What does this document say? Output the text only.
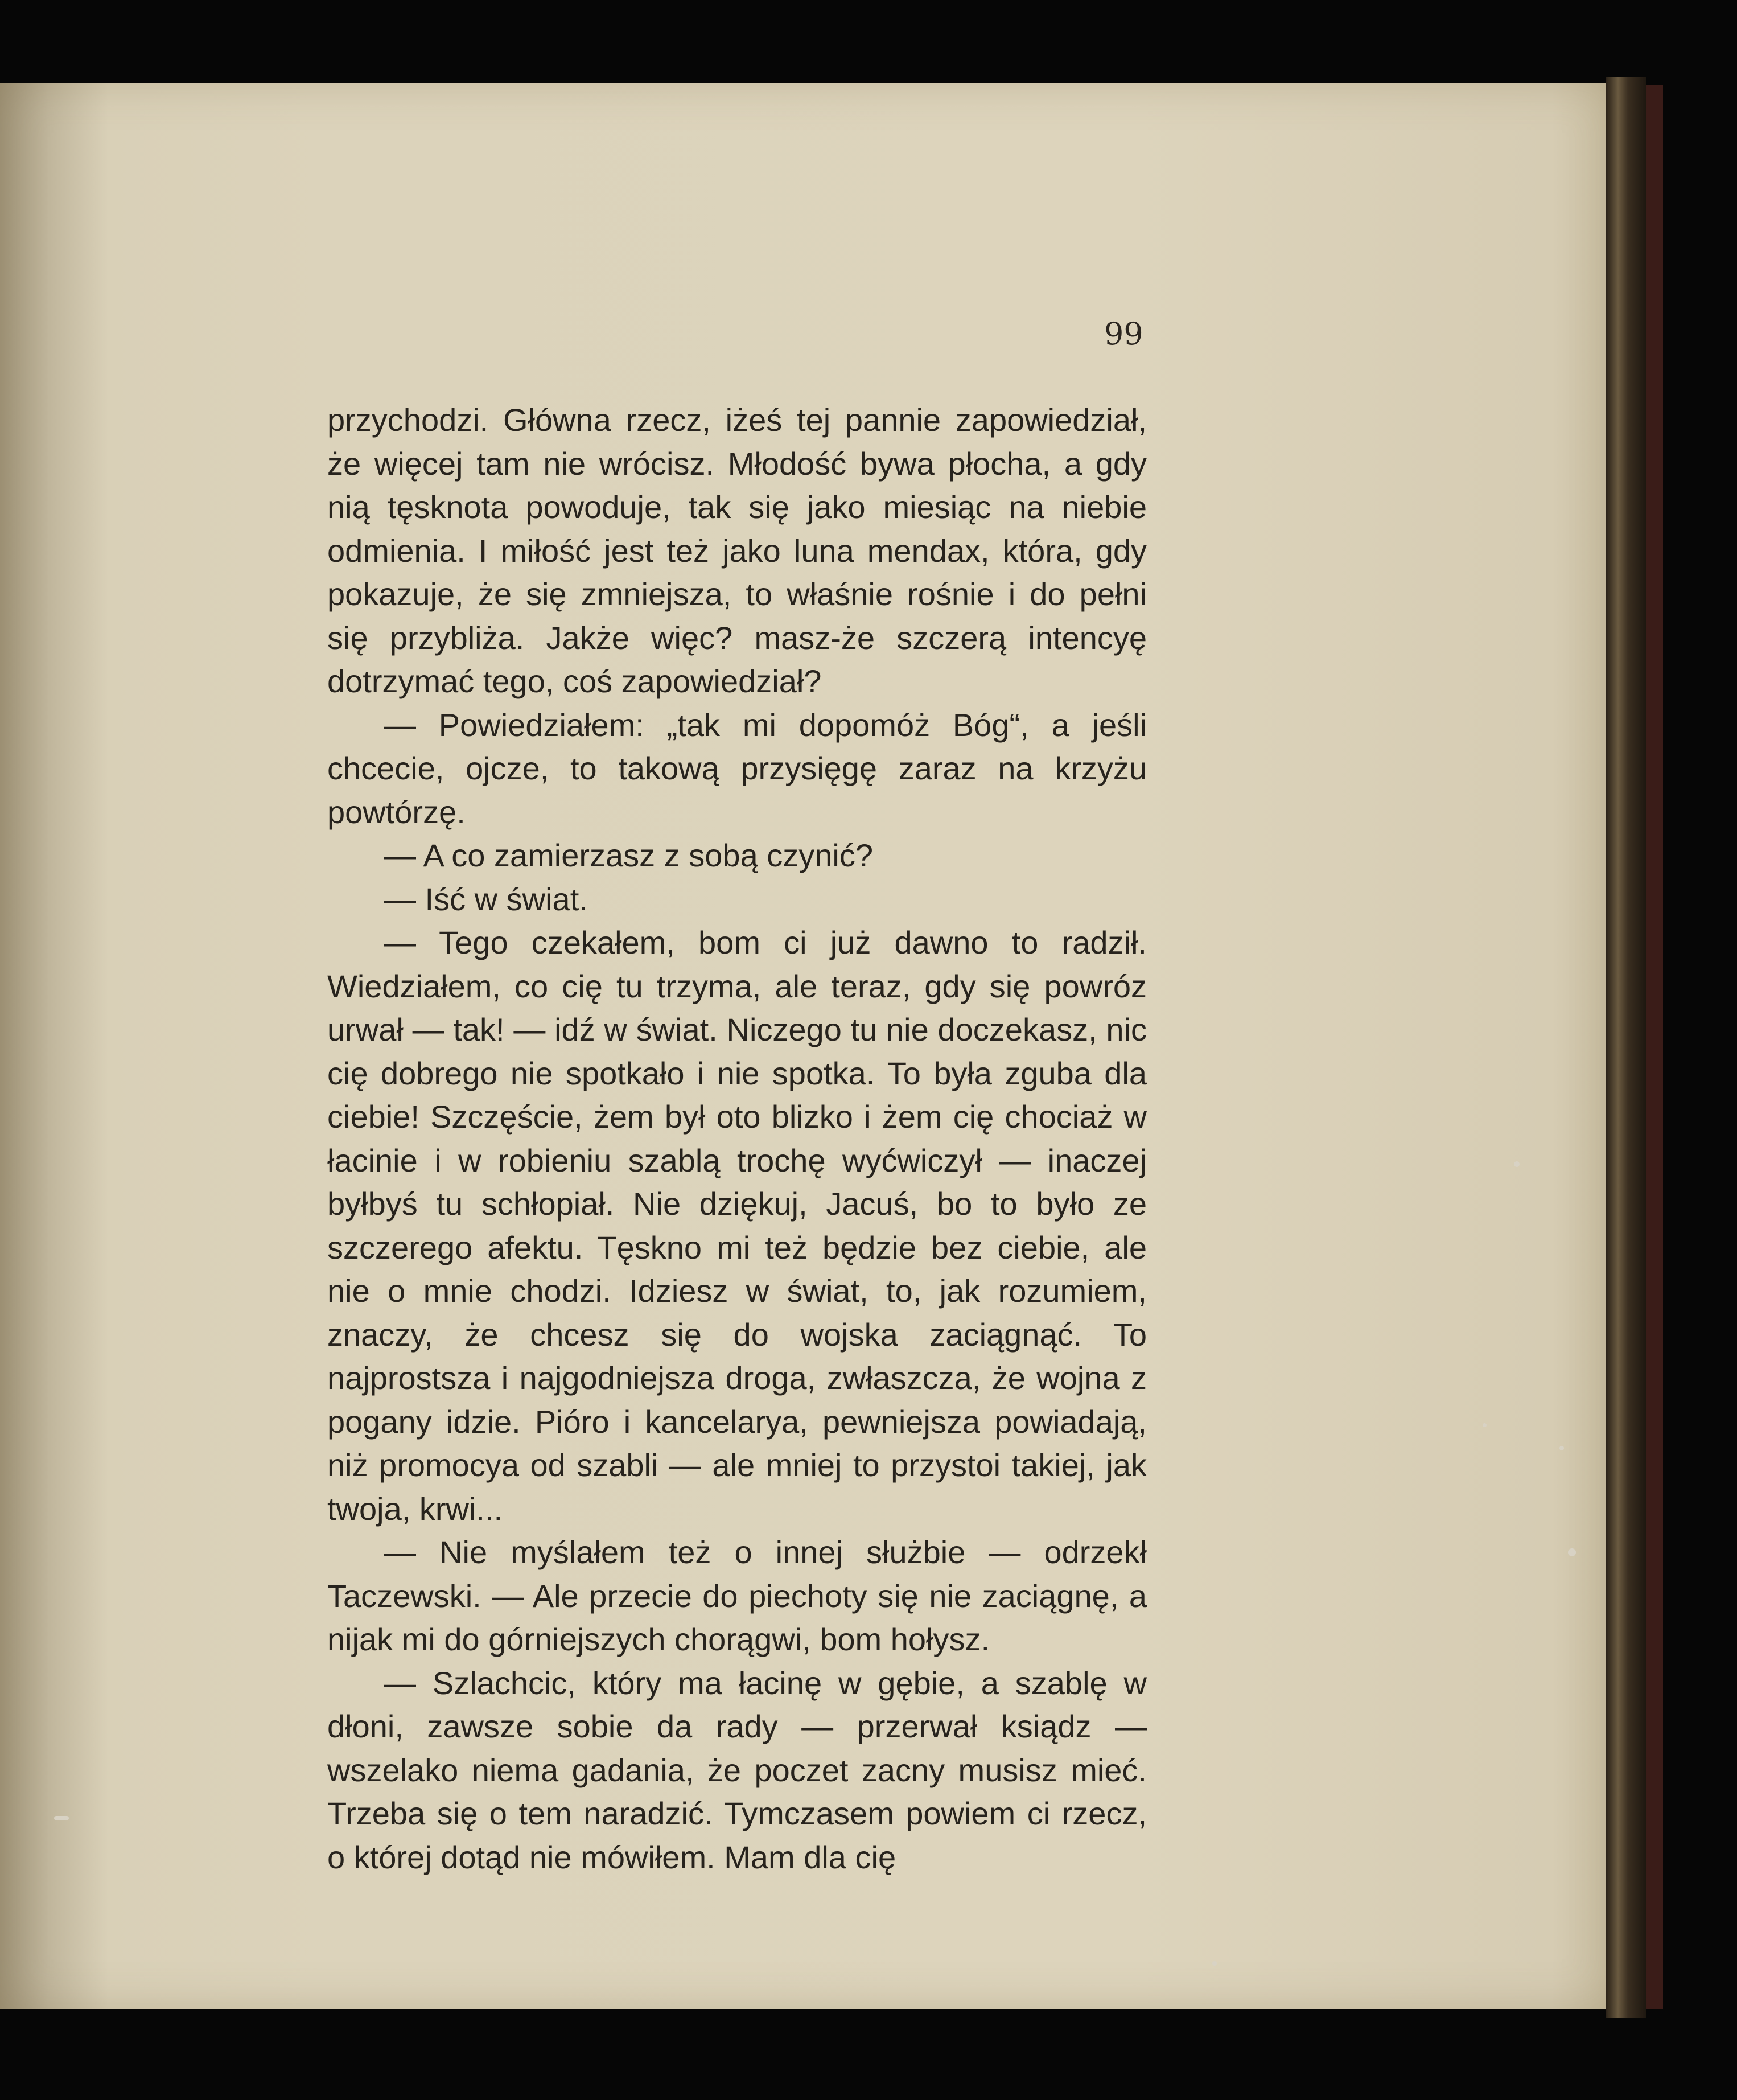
99

przychodzi. Główna rzecz, iżeś tej pannie zapowiedział, że więcej tam nie wrócisz. Młodość bywa płocha, a gdy nią tęsknota powoduje, tak się jako miesiąc na niebie odmienia. I miłość jest też jako luna mendax, która, gdy pokazuje, że się zmniejsza, to właśnie rośnie i do pełni się przybliża. Jakże więc? masz-że szczerą intencyę dotrzymać tego, coś zapowiedział?

— Powiedziałem: „tak mi dopomóż Bóg“, a jeśli chcecie, ojcze, to takową przysięgę zaraz na krzyżu powtórzę.

— A co zamierzasz z sobą czynić?

— Iść w świat.

— Tego czekałem, bom ci już dawno to radził. Wiedziałem, co cię tu trzyma, ale teraz, gdy się powróz urwał — tak! — idź w świat. Niczego tu nie doczekasz, nic cię dobrego nie spotkało i nie spotka. To była zguba dla ciebie! Szczęście, żem był oto blizko i żem cię chociaż w łacinie i w robieniu szablą trochę wyćwiczył — inaczej byłbyś tu schłopiał. Nie dziękuj, Jacuś, bo to było ze szczerego afektu. Tęskno mi też będzie bez ciebie, ale nie o mnie chodzi. Idziesz w świat, to, jak rozumiem, znaczy, że chcesz się do wojska zaciągnąć. To najprostsza i najgodniejsza droga, zwłaszcza, że wojna z pogany idzie. Pióro i kancelarya, pewniejsza powiadają, niż promocya od szabli — ale mniej to przystoi takiej, jak twoja, krwi...

— Nie myślałem też o innej służbie — odrzekł Taczewski. — Ale przecie do piechoty się nie zaciągnę, a nijak mi do górniejszych chorągwi, bom hołysz.

— Szlachcic, który ma łacinę w gębie, a szablę w dłoni, zawsze sobie da rady — przerwał ksiądz — wszelako niema gadania, że poczet zacny musisz mieć. Trzeba się o tem naradzić. Tymczasem powiem ci rzecz, o której dotąd nie mówiłem. Mam dla cię
